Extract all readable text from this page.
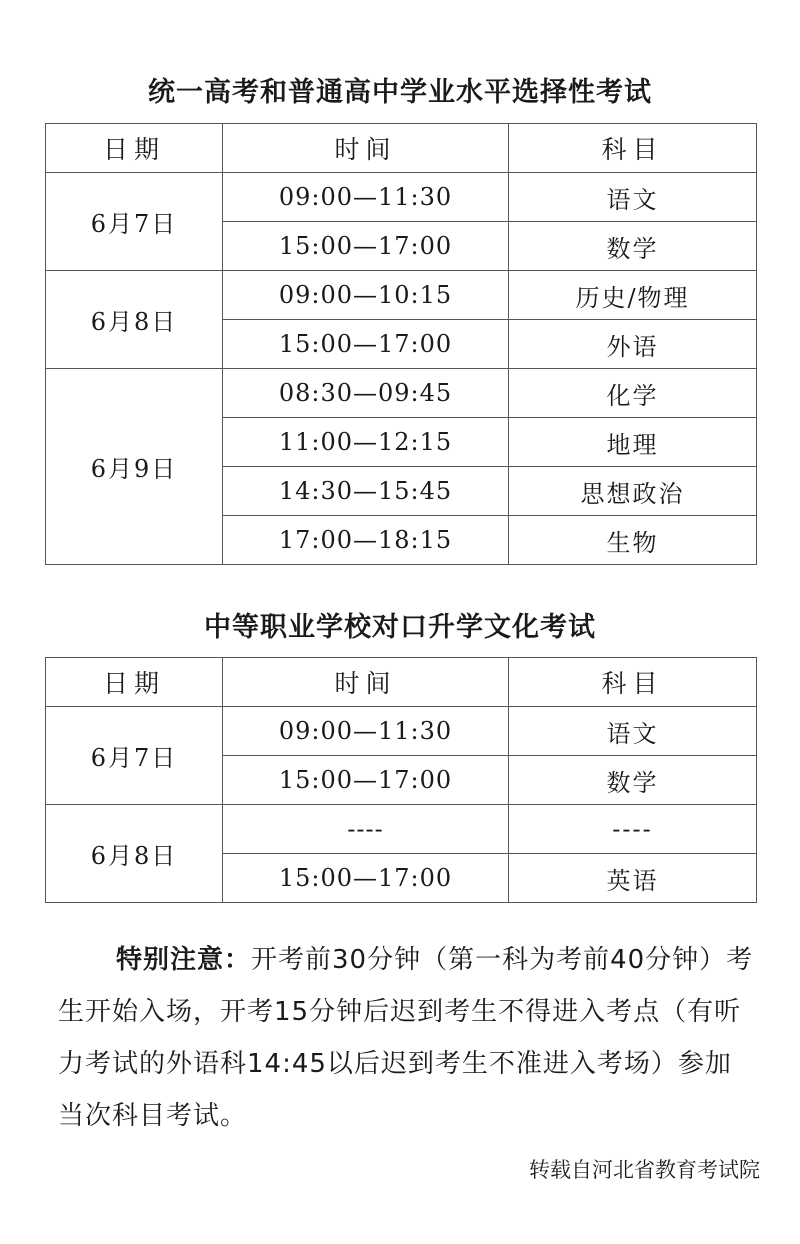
统一高考和普通高中学业水平选择性考试
日期	时间	科目
6月7日	09:00—11:30	语文
	15:00—17:00	数学
6月8日	09:00—10:15	历史/物理
	15:00—17:00	外语
6月9日	08:30—09:45	化学
	11:00—12:15	地理
	14:30—15:45	思想政治
	17:00—18:15	生物
中等职业学校对口升学文化考试
日期	时间	科目
6月7日	09:00—11:30	语文
	15:00—17:00	数学
6月8日	----	----
	15:00—17:00	英语
特别注意：开考前30分钟（第一科为考前40分钟）考生开始入场，开考15分钟后迟到考生不得进入考点（有听力考试的外语科14:45以后迟到考生不准进入考场）参加当次科目考试。
转载自河北省教育考试院
